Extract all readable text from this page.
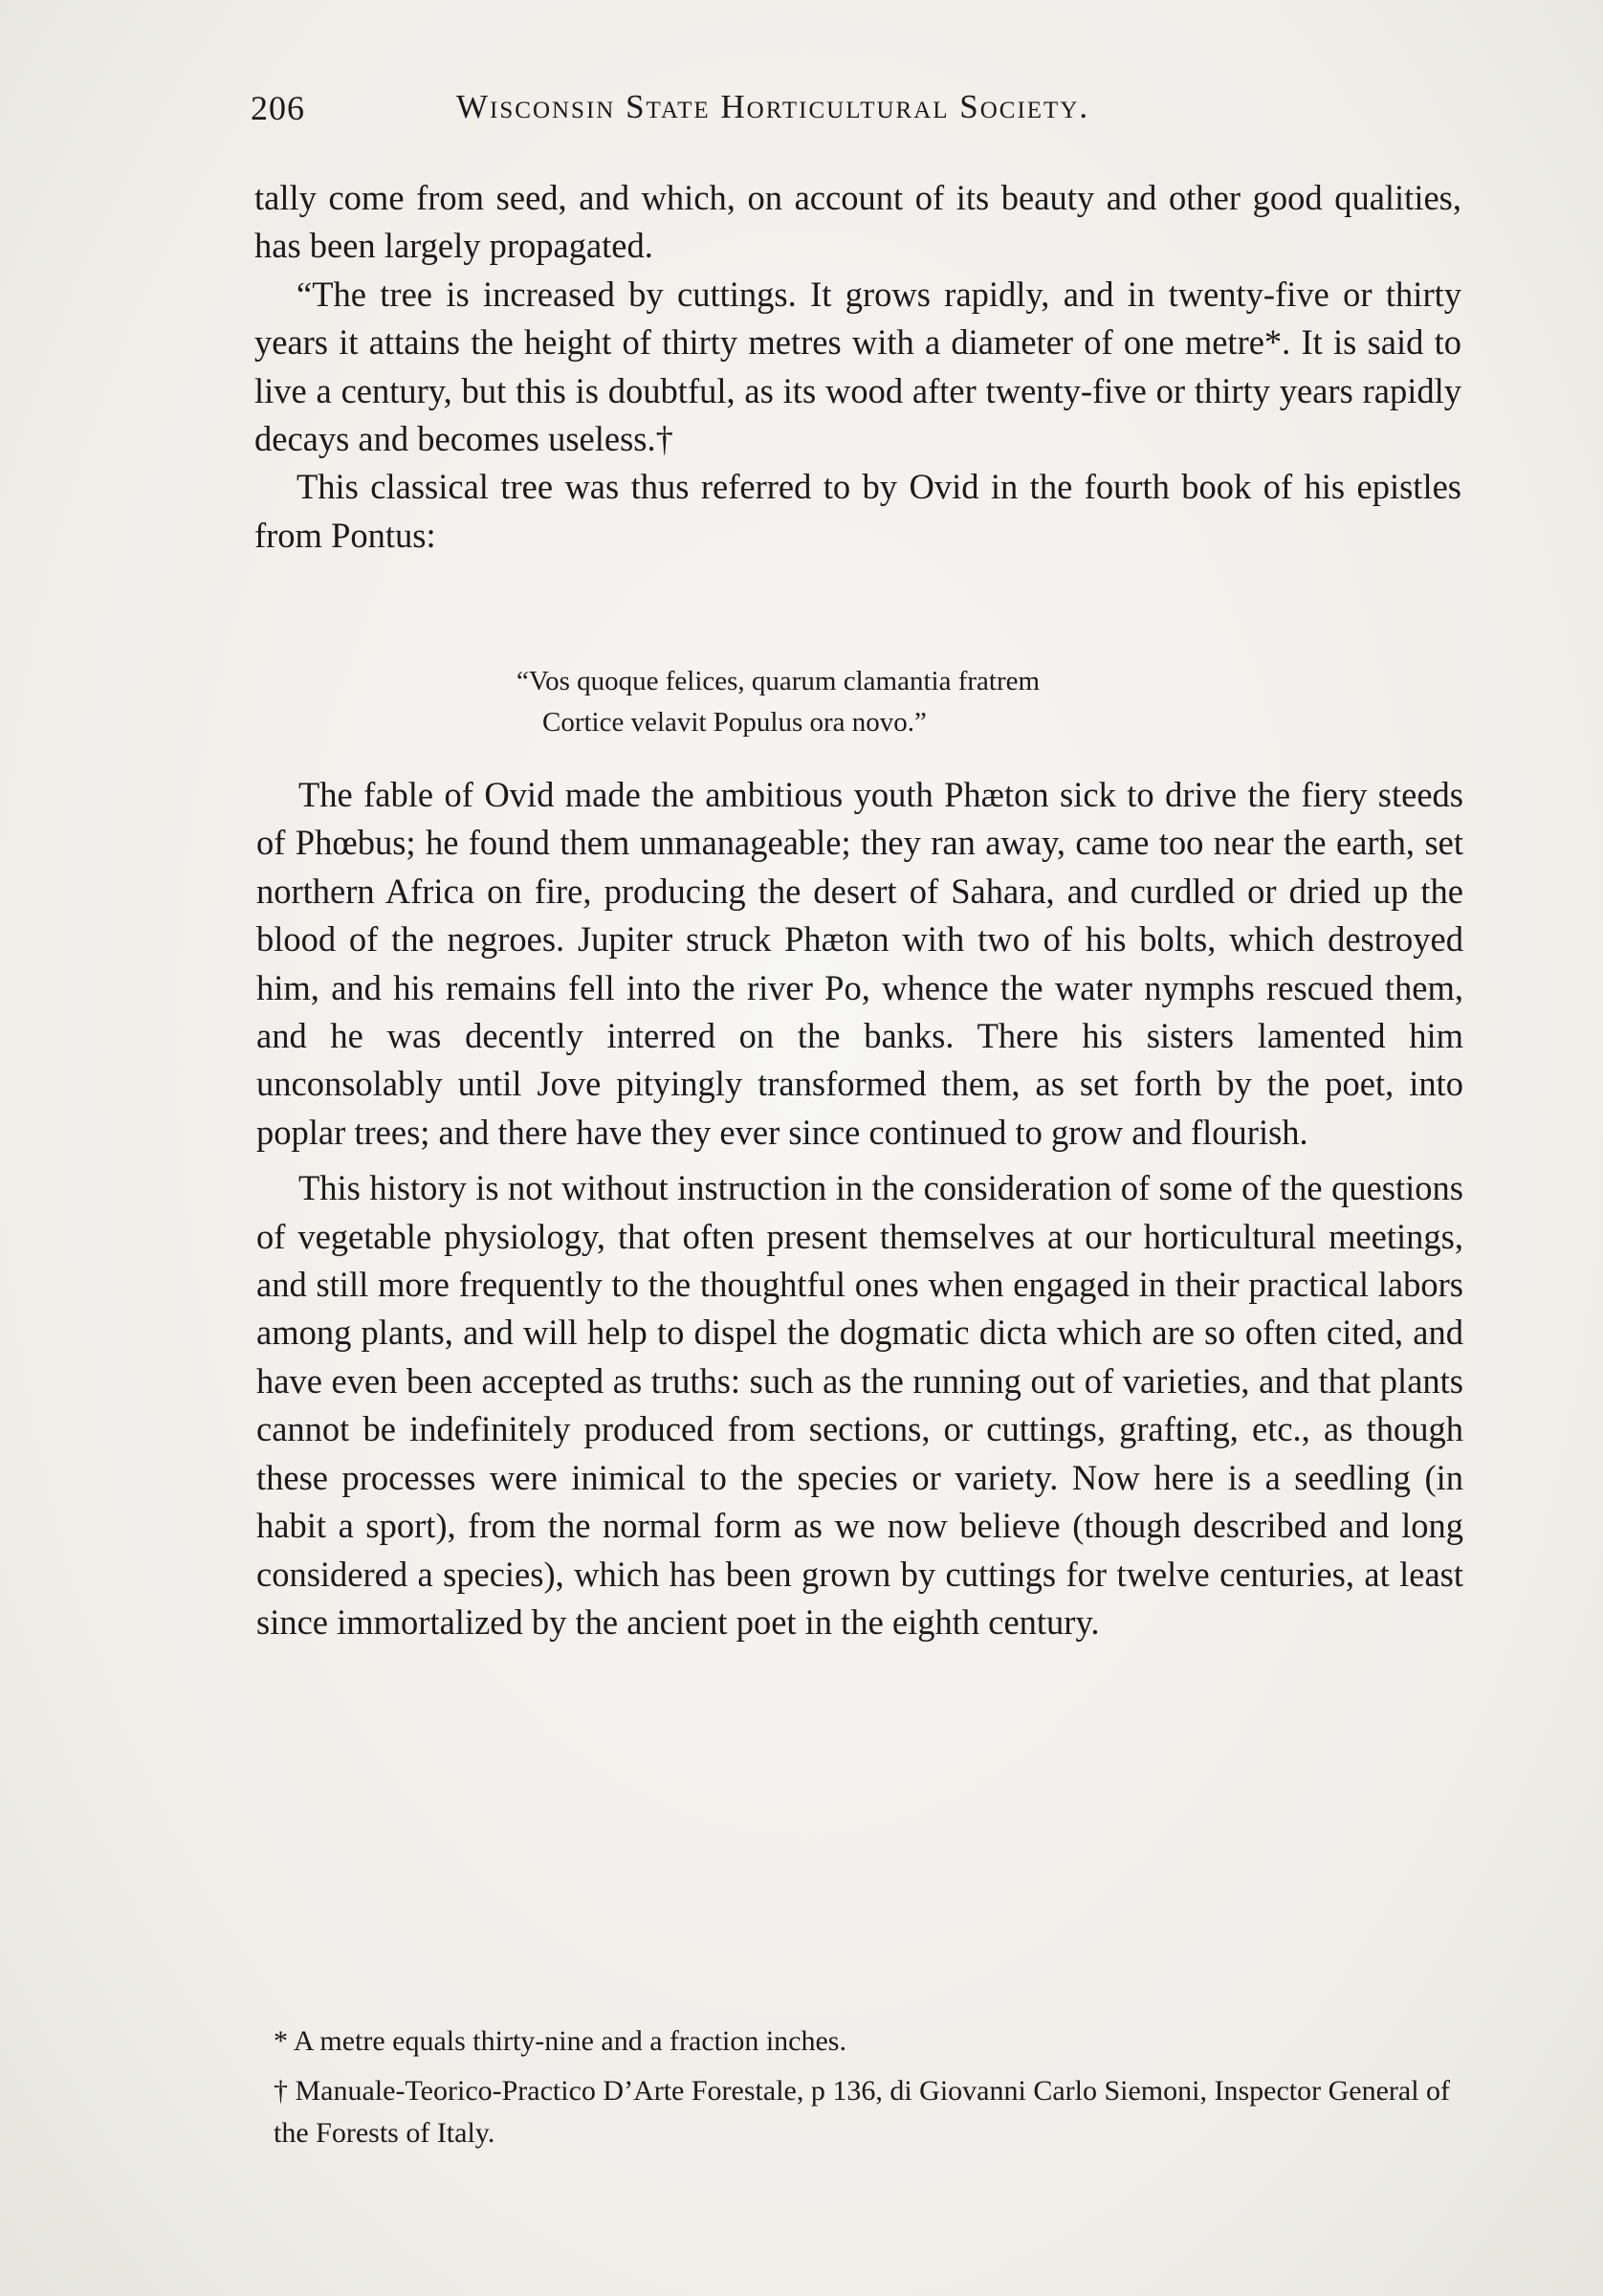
206	Wisconsin State Horticultural Society.

tally come from seed, and which, on account of its beauty and other good qualities, has been largely propagated.

“The tree is increased by cuttings. It grows rapidly, and in twenty-five or thirty years it attains the height of thirty metres with a diameter of one metre*. It is said to live a century, but this is doubtful, as its wood after twenty-five or thirty years rapidly decays and becomes useless.†

This classical tree was thus referred to by Ovid in the fourth book of his epistles from Pontus:

“Vos quoque felices, quarum clamantia fratrem

Cortice velavit Populus ora novo.”

The fable of Ovid made the ambitious youth Phæton sick to drive the fiery steeds of Phœbus; he found them unmanageable; they ran away, came too near the earth, set northern Africa on fire, producing the desert of Sahara, and curdled or dried up the blood of the negroes. Jupiter struck Phæton with two of his bolts, which destroyed him, and his remains fell into the river Po, whence the water nymphs rescued them, and he was decently interred on the banks. There his sisters lamented him unconsolably until Jove pityingly transformed them, as set forth by the poet, into poplar trees; and there have they ever since continued to grow and flourish.

This history is not without instruction in the consideration of some of the questions of vegetable physiology, that often present themselves at our horticultural meetings, and still more frequently to the thoughtful ones when engaged in their practical labors among plants, and will help to dispel the dogmatic dicta which are so often cited, and have even been accepted as truths: such as the running out of varieties, and that plants cannot be indefinitely produced from sections, or cuttings, grafting, etc., as though these processes were inimical to the species or variety. Now here is a seedling (in habit a sport), from the normal form as we now believe (though described and long considered a species), which has been grown by cuttings for twelve centuries, at least since immortalized by the ancient poet in the eighth century.

* A metre equals thirty-nine and a fraction inches.

† Manuale-Teorico-Practico D’Arte Forestale, p 136, di Giovanni Carlo Siemoni, Inspector General of the Forests of Italy.
